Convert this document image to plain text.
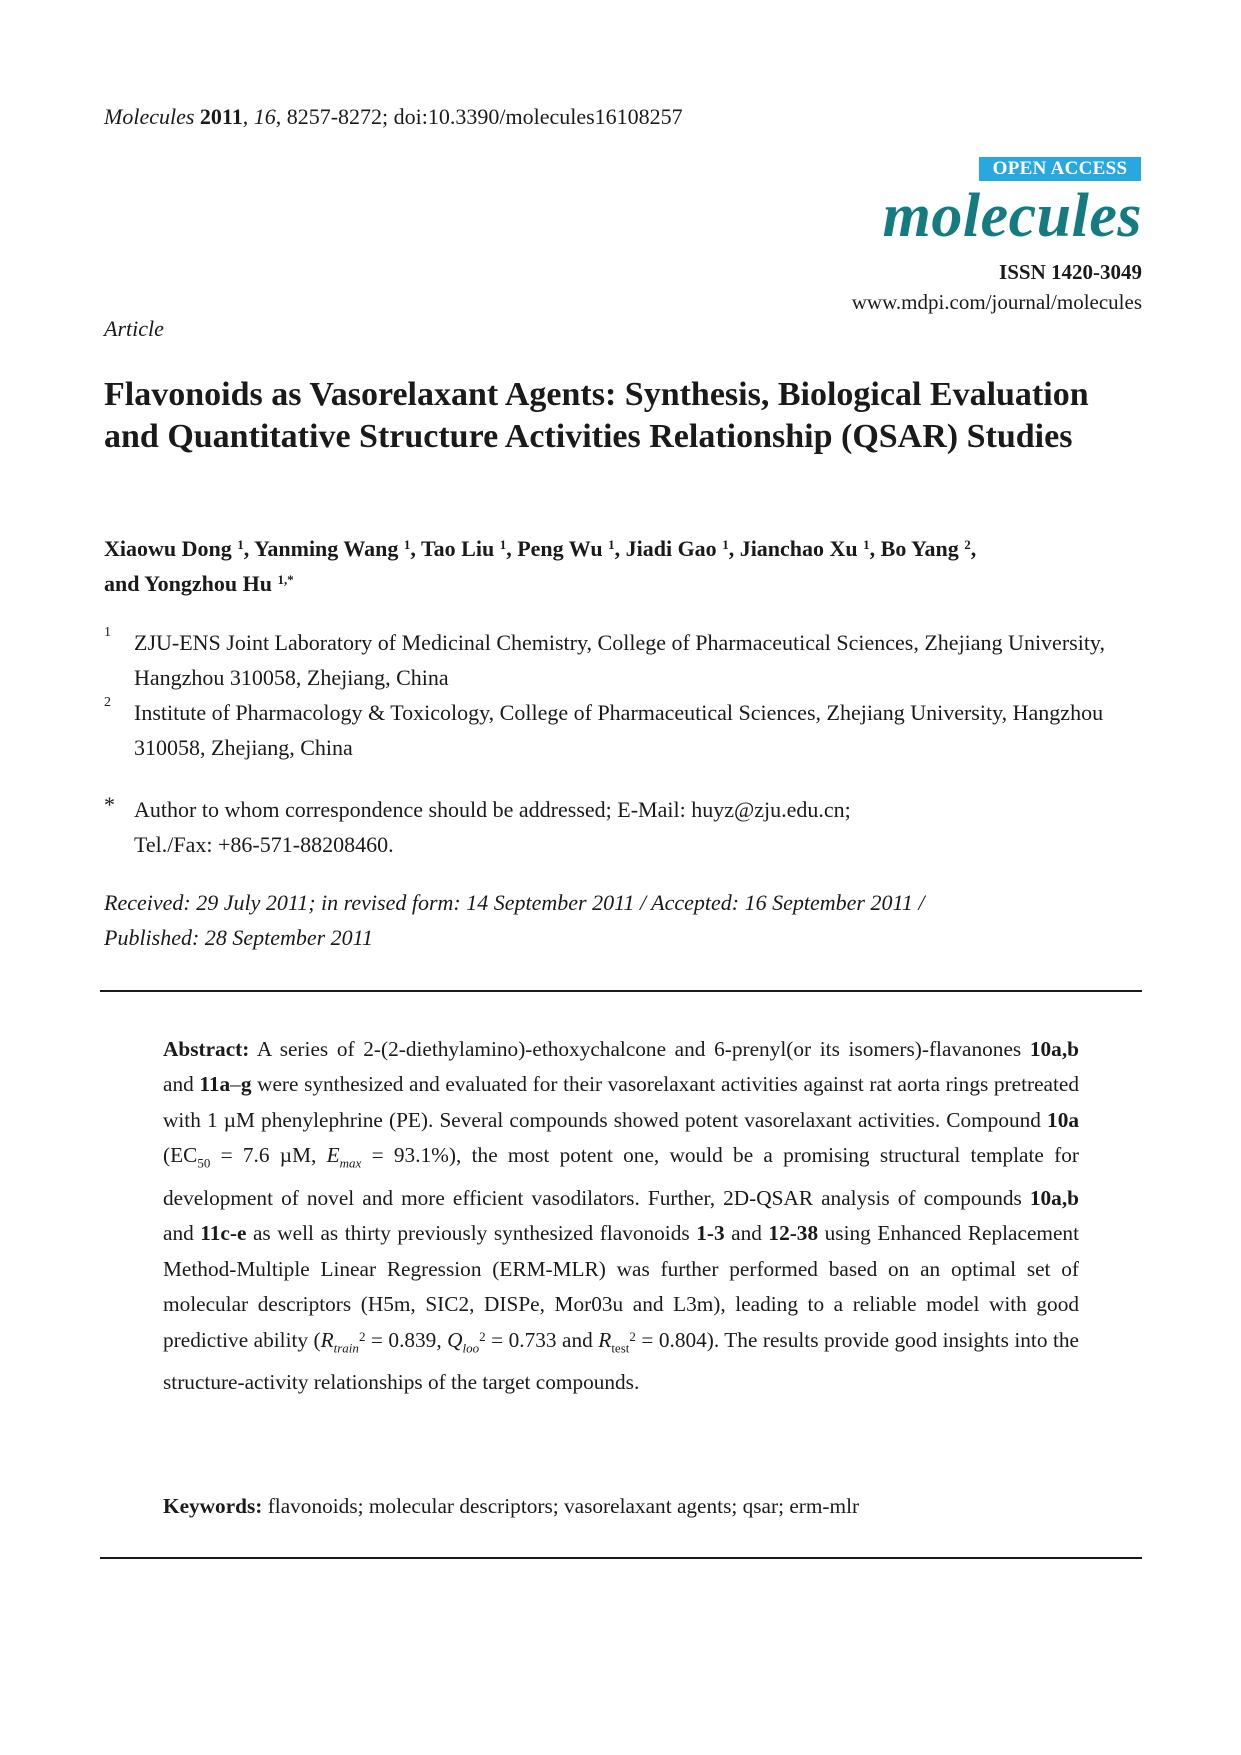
Molecules 2011, 16, 8257-8272; doi:10.3390/molecules16108257
OPEN ACCESS
molecules
ISSN 1420-3049
www.mdpi.com/journal/molecules
Article
Flavonoids as Vasorelaxant Agents: Synthesis, Biological Evaluation and Quantitative Structure Activities Relationship (QSAR) Studies
Xiaowu Dong $^1$, Yanming Wang $^1$, Tao Liu $^1$, Peng Wu $^1$, Jiadi Gao $^1$, Jianchao Xu $^1$, Bo Yang $^2$,
and Yongzhou Hu $^{1,*}$
1 ZJU-ENS Joint Laboratory of Medicinal Chemistry, College of Pharmaceutical Sciences, Zhejiang University, Hangzhou 310058, Zhejiang, China
2 Institute of Pharmacology & Toxicology, College of Pharmaceutical Sciences, Zhejiang University, Hangzhou 310058, Zhejiang, China
* Author to whom correspondence should be addressed; E-Mail: huyz@zju.edu.cn;
Tel./Fax: +86-571-88208460.
Received: 29 July 2011; in revised form: 14 September 2011 / Accepted: 16 September 2011 /
Published: 28 September 2011

Abstract: A series of 2-(2-diethylamino)-ethoxychalcone and 6-prenyl(or its isomers)-flavanones 10a,b and 11a–g were synthesized and evaluated for their vasorelaxant activities against rat aorta rings pretreated with 1 µM phenylephrine (PE). Several compounds showed potent vasorelaxant activities. Compound 10a ($EC_{50} = 7.6$ µM, $E_{max} = 93.1\%$), the most potent one, would be a promising structural template for development of novel and more efficient vasodilators. Further, 2D-QSAR analysis of compounds 10a,b and 11c-e as well as thirty previously synthesized flavonoids 1-3 and 12-38 using Enhanced Replacement Method-Multiple Linear Regression (ERM-MLR) was further performed based on an optimal set of molecular descriptors (H5m, SIC2, DISPe, Mor03u and L3m), leading to a reliable model with good predictive ability ($R_{train}^2 = 0.839$, $Q_{loo}^2 = 0.733$ and $R_{test}^2 = 0.804$). The results provide good insights into the structure-activity relationships of the target compounds.

Keywords: flavonoids; molecular descriptors; vasorelaxant agents; qsar; erm-mlr
